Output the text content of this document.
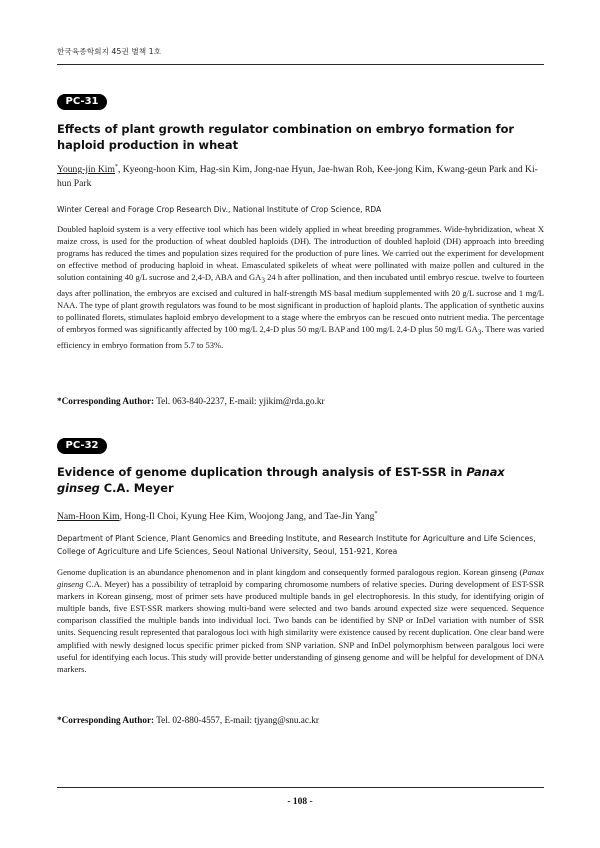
한국육종학회지 45권 별책 1호
PC-31
Effects of plant growth regulator combination on embryo formation for haploid production in wheat
Young-jin Kim*, Kyeong-hoon Kim, Hag-sin Kim, Jong-nae Hyun, Jae-hwan Roh, Kee-jong Kim, Kwang-geun Park and Ki-hun Park
Winter Cereal and Forage Crop Research Div., National Institute of Crop Science, RDA
Doubled haploid system is a very effective tool which has been widely applied in wheat breeding programmes. Wide-hybridization, wheat X maize cross, is used for the production of wheat doubled haploids (DH). The introduction of doubled haploid (DH) approach into breeding programs has reduced the times and population sizes required for the production of pure lines. We carried out the experiment for development on effective method of producing haploid in wheat. Emasculated spikelets of wheat were pollinated with maize pollen and cultured in the solution containing 40 g/L sucrose and 2,4-D, ABA and $GA_3$ 24 h after pollination, and then incubated until embryo rescue. twelve to fourteen days after pollination, the embryos are excised and cultured in half-strength MS basal medium supplemented with 20 g/L sucrose and 1 mg/L NAA. The type of plant growth regulators was found to be most significant in production of haploid plants. The application of synthetic auxins to pollinated florets, stimulates haploid embryo development to a stage where the embryos can be rescued onto nutrient media. The percentage of embryos formed was significantly affected by 100 mg/L 2,4-D plus 50 mg/L BAP and 100 mg/L 2,4-D plus 50 mg/L $GA_3$. There was varied efficiency in embryo formation from 5.7 to 53%.
*Corresponding Author: Tel. 063-840-2237, E-mail: yjikim@rda.go.kr
PC-32
Evidence of genome duplication through analysis of EST-SSR in Panax ginseg C.A. Meyer
Nam-Hoon Kim, Hong-Il Choi, Kyung Hee Kim, Woojong Jang, and Tae-Jin Yang*
Department of Plant Science, Plant Genomics and Breeding Institute, and Research Institute for Agriculture and Life Sciences, College of Agriculture and Life Sciences, Seoul National University, Seoul, 151-921, Korea
Genome duplication is an abundance phenomenon and in plant kingdom and consequently formed paralogous region. Korean ginseng (Panax ginseng C.A. Meyer) has a possibility of tetraploid by comparing chromosome numbers of relative species. During development of EST-SSR markers in Korean ginseng, most of primer sets have produced multiple bands in gel electrophoresis. In this study, for identifying origin of multiple bands, five EST-SSR markers showing multi-band were selected and two bands around expected size were sequenced. Sequence comparison classified the multiple bands into individual loci. Two bands can be identified by SNP or InDel variation with number of SSR units. Sequencing result represented that paralogous loci with high similarity were existence caused by recent duplication. One clear band were amplified with newly designed locus specific primer picked from SNP variation. SNP and InDel polymorphism between paralgous loci were useful for identifying each locus. This study will provide better understanding of ginseng genome and will be helpful for development of DNA markers.
*Corresponding Author: Tel. 02-880-4557, E-mail: tjyang@snu.ac.kr
- 108 -
